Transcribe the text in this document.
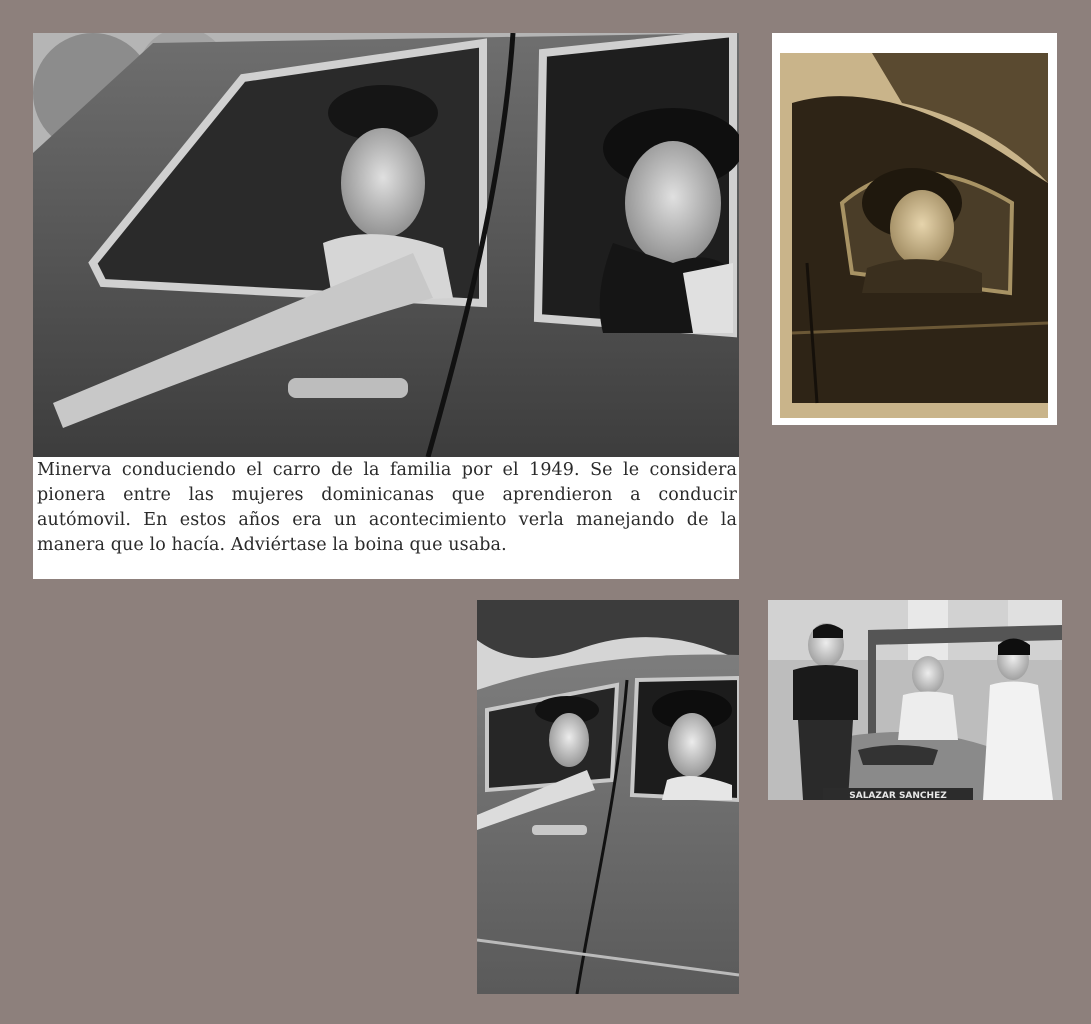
Minerva conduciendo el carro de la familia por el 1949. Se le considera pionera entre las mujeres dominicanas que aprendieron a conducir autómovil. En estos años era un acontecimiento verla manejando de la manera que lo hacía. Adviértase la boina que usaba.
SALAZAR SANCHEZ
